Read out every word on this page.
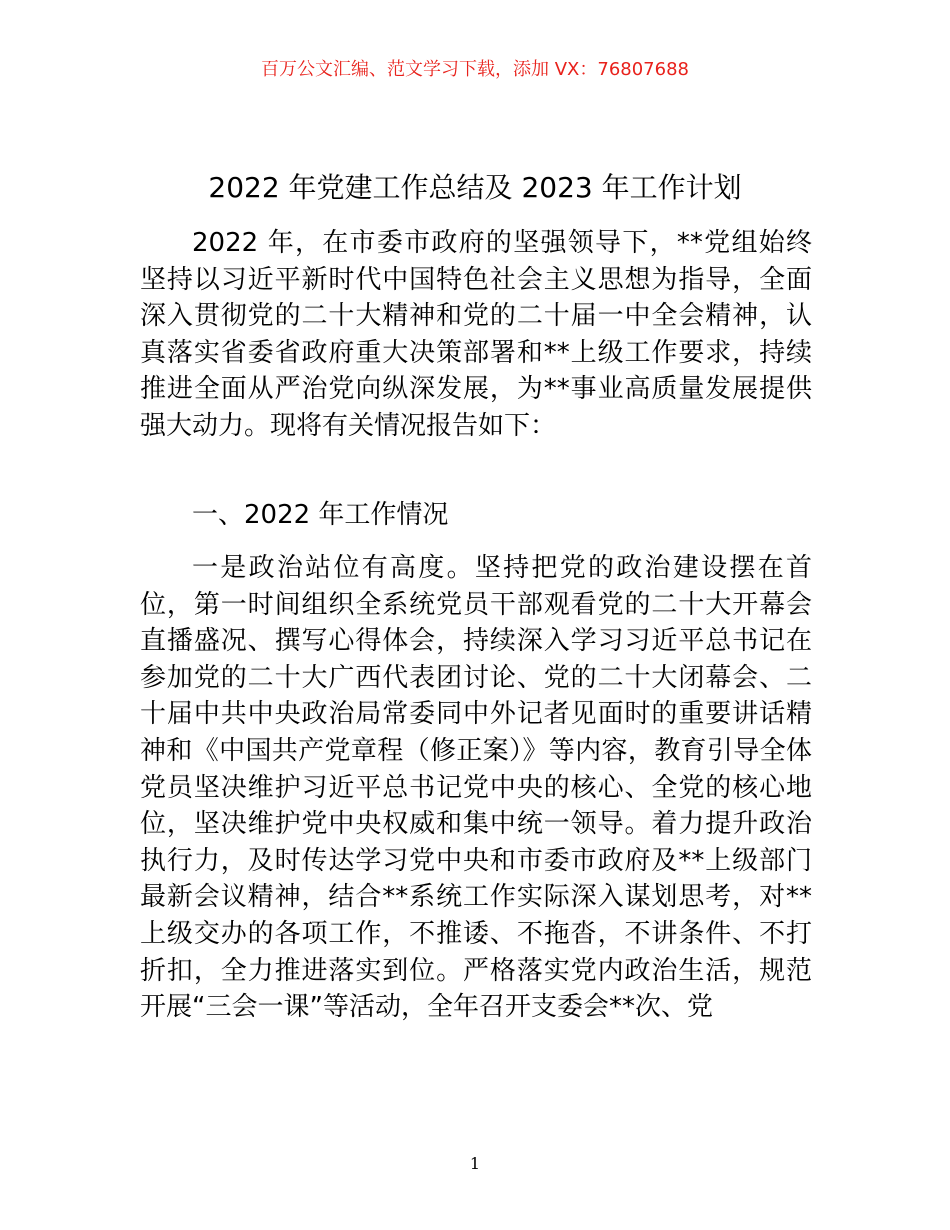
百万公文汇编、范文学习下载，添加 VX：76807688
2022 年党建工作总结及 2023 年工作计划

2022 年，在市委市政府的坚强领导下，**党组始终坚持以习近平新时代中国特色社会主义思想为指导，全面深入贯彻党的二十大精神和党的二十届一中全会精神，认真落实省委省政府重大决策部署和**上级工作要求，持续推进全面从严治党向纵深发展，为**事业高质量发展提供强大动力。现将有关情况报告如下：

一、2022 年工作情况

一是政治站位有高度。坚持把党的政治建设摆在首位，第一时间组织全系统党员干部观看党的二十大开幕会直播盛况、撰写心得体会，持续深入学习习近平总书记在参加党的二十大广西代表团讨论、党的二十大闭幕会、二十届中共中央政治局常委同中外记者见面时的重要讲话精神和《中国共产党章程（修正案）》等内容，教育引导全体党员坚决维护习近平总书记党中央的核心、全党的核心地位，坚决维护党中央权威和集中统一领导。着力提升政治执行力，及时传达学习党中央和市委市政府及**上级部门最新会议精神，结合**系统工作实际深入谋划思考，对**上级交办的各项工作，不推诿、不拖沓，不讲条件、不打折扣，全力推进落实到位。严格落实党内政治生活，规范开展“三会一课”等活动，全年召开支委会**次、党

1
